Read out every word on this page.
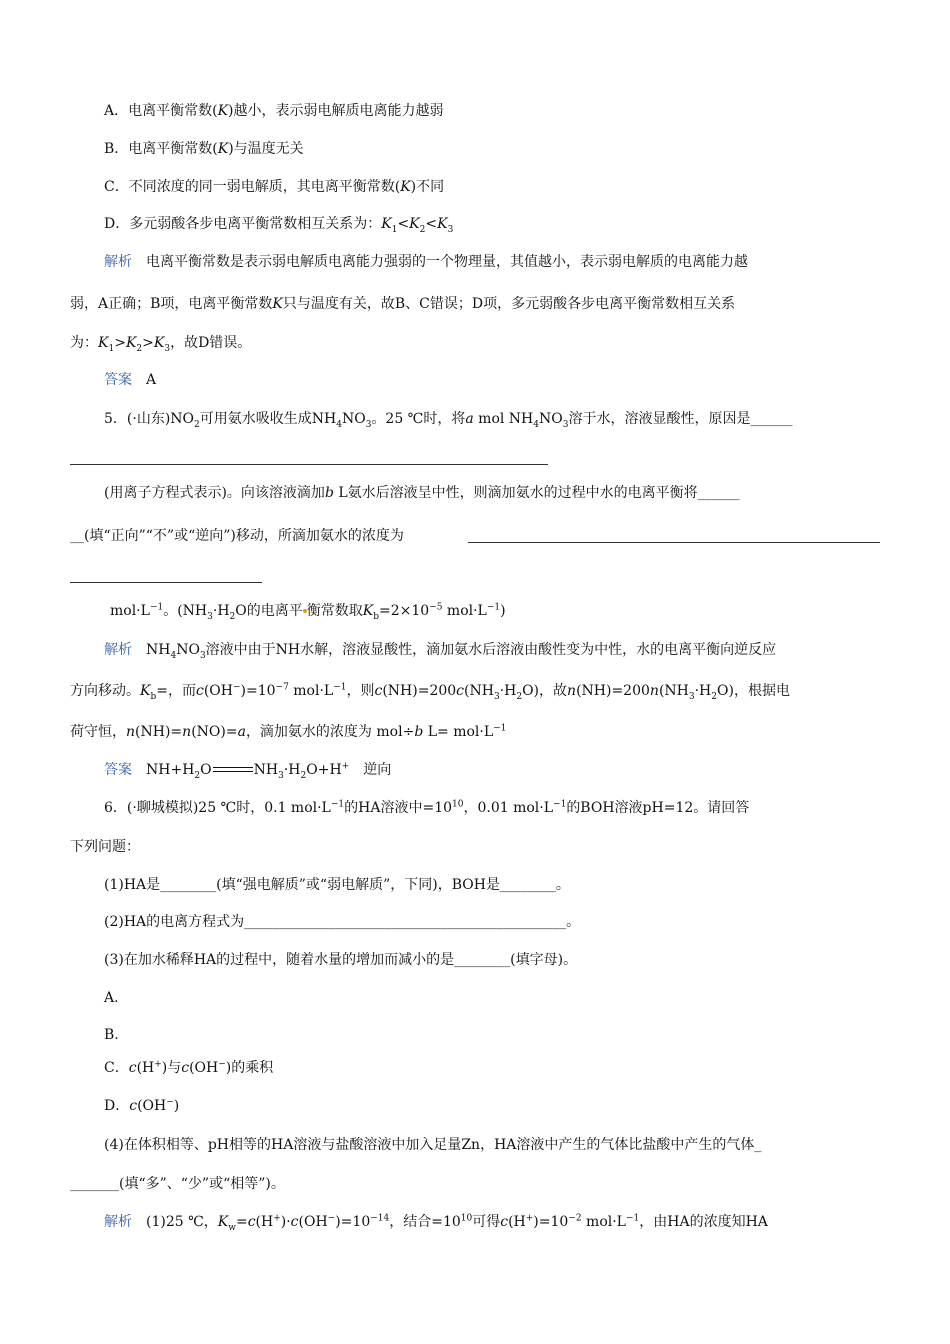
A．电离平衡常数(K)越小，表示弱电解质电离能力越弱
B．电离平衡常数(K)与温度无关
C．不同浓度的同一弱电解质，其电离平衡常数(K)不同
D．多元弱酸各步电离平衡常数相互关系为：$K_1<K_2<K_3$
解析　电离平衡常数是表示弱电解质电离能力强弱的一个物理量，其值越小，表示弱电解质的电离能力越
弱，A正确；B项，电离平衡常数K只与温度有关，故B、C错误；D项，多元弱酸各步电离平衡常数相互关系
为：$K_1>K_2>K_3$，故D错误。
答案　 A
5．(·山东)$NO_2$可用氨水吸收生成$NH_4NO_3$。25 ℃时，将a mol $NH_4NO_3$溶于水，溶液显酸性，原因是______
(用离子方程式表示)。向该溶液滴加b L氨水后溶液呈中性，则滴加氨水的过程中水的电离平衡将______
__(填“正向”“不”或“逆向”)移动，所滴加氨水的浓度为
$mol\cdot L^{-1}$。($NH_3\cdot H_2O$的电离平 衡常数取$K_b=2\times 10^{-5}$ $mol\cdot L^{-1}$)
解析　$NH_4NO_3$溶液中由于NH水解，溶液显酸性，滴加氨水后溶液由酸性变为中性，水的电离平衡向逆反应
方向移动。$K_b=$，而$c(OH^-)=10^{-7}$ $mol\cdot L^{-1}$，则$c(NH)=200c(NH_3\cdot H_2O)$，故$n(NH)=200n(NH_3\cdot H_2O)$，根据电
荷守恒，n(NH)=n(NO)=a，滴加氨水的浓度为 mol÷b $L= mol\cdot L^{-1}$
答案　$NH+H_2O$	$NH_3\cdot H_2O+H^+$　逆向
6．(·聊城模拟)25 ℃时，0.1 $mol\cdot L^{-1}$的HA溶液中$=10^{10}$，0.01 $mol\cdot L^{-1}$的BOH溶液pH=12。请回答
下列问题：
(1)HA是________(填“强电解质”或“弱电解质”，下同)，BOH是________。
(2)HA的电离方程式为______________________________________________。
(3)在加水稀释HA的过程中，随着水量的增加而减小的是________(填字母)。
A.
B.
C．c(H+)与c(OH−)的乘积
D．c(OH−)
(4)在体积相等、pH相等的HA溶液与盐酸溶液中加入足量Zn，HA溶液中产生的气体比盐酸中产生的气体_
_______(填“多”、“少”或“相等”)。
解析　(1)25 ℃，$K_w=c(H^+)\cdot c(OH^-)=10^{-14}$，结合$=10^{10}$可得$c(H^+)=10^{-2}$ $mol\cdot L^{-1}$，由HA的浓度知HA
